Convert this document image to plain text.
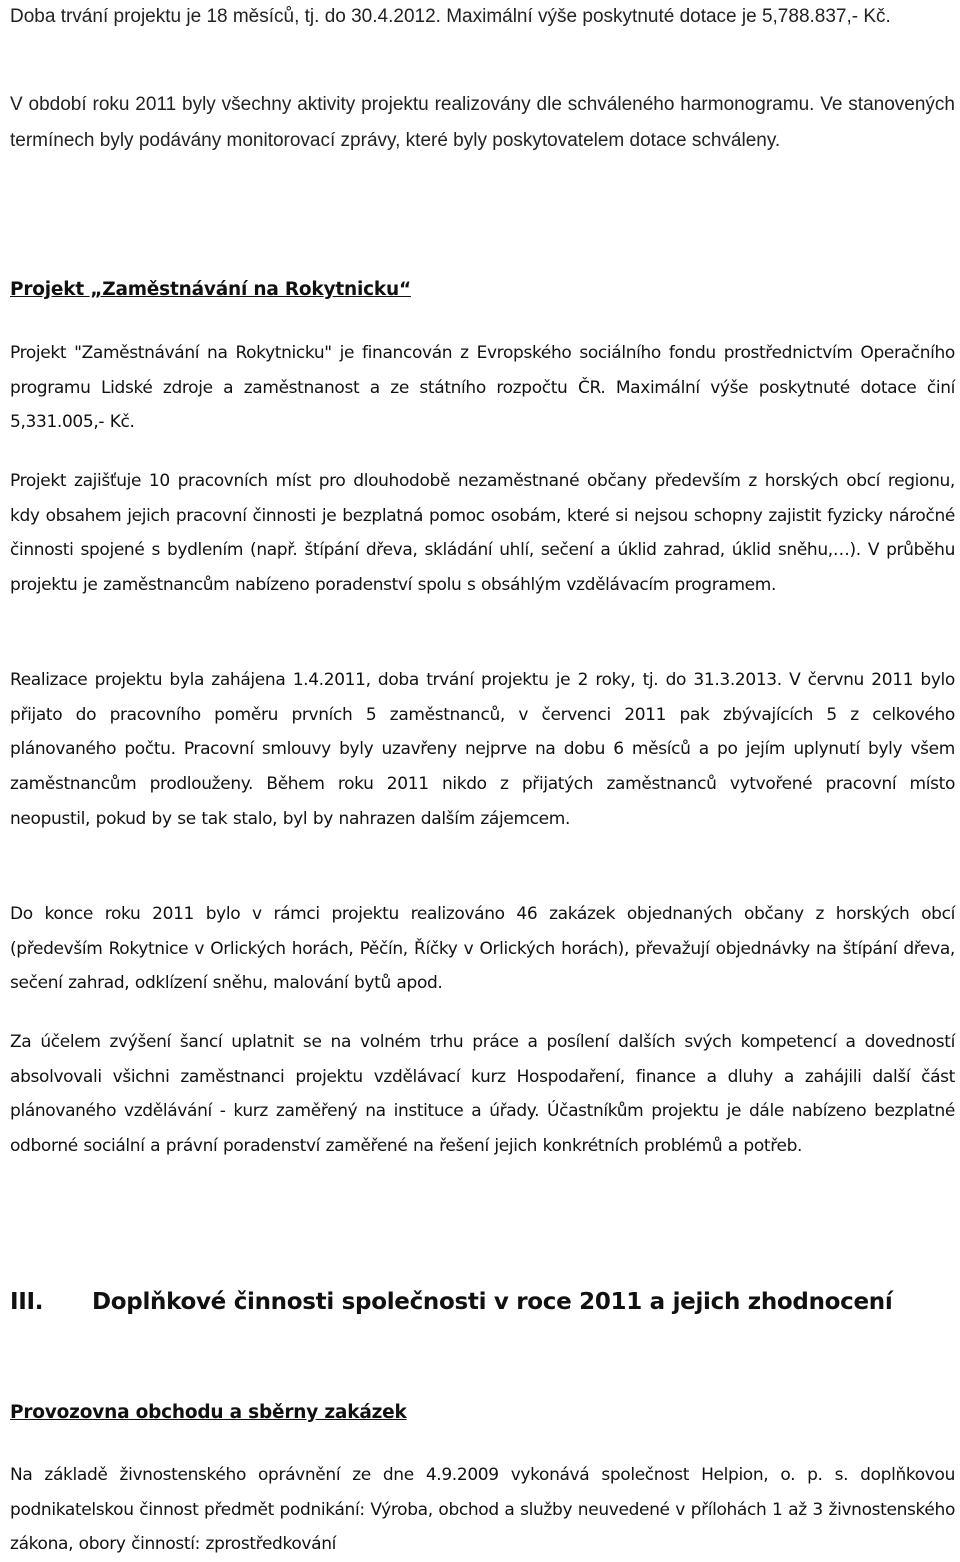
Doba trvání projektu je 18 měsíců, tj. do 30.4.2012. Maximální výše poskytnuté dotace je 5,788.837,- Kč.

V období roku 2011 byly všechny aktivity projektu realizovány dle schváleného harmonogramu. Ve stanovených termínech byly podávány monitorovací zprávy, které byly poskytovatelem dotace schváleny.

Projekt „Zaměstnávání na Rokytnicku“

Projekt "Zaměstnávání na Rokytnicku" je financován z Evropského sociálního fondu prostřednictvím Operačního programu Lidské zdroje a zaměstnanost a ze státního rozpočtu ČR. Maximální výše poskytnuté dotace činí 5,331.005,- Kč.

Projekt zajišťuje 10 pracovních míst pro dlouhodobě nezaměstnané občany především z horských obcí regionu, kdy obsahem jejich pracovní činnosti je bezplatná pomoc osobám, které si nejsou schopny zajistit fyzicky náročné činnosti spojené s bydlením (např. štípání dřeva, skládání uhlí, sečení a úklid zahrad, úklid sněhu,…). V průběhu projektu je zaměstnancům nabízeno poradenství spolu s obsáhlým vzdělávacím programem.

Realizace projektu byla zahájena 1.4.2011, doba trvání projektu je 2 roky, tj. do 31.3.2013. V červnu 2011 bylo přijato do pracovního poměru prvních 5 zaměstnanců, v červenci 2011 pak zbývajících 5 z celkového plánovaného počtu. Pracovní smlouvy byly uzavřeny nejprve na dobu 6 měsíců a po jejím uplynutí byly všem zaměstnancům prodlouženy. Během roku 2011 nikdo z přijatých zaměstnanců vytvořené pracovní místo neopustil, pokud by se tak stalo, byl by nahrazen dalším zájemcem.

Do konce roku 2011 bylo v rámci projektu realizováno 46 zakázek objednaných občany z horských obcí (především Rokytnice v Orlických horách, Pěčín, Říčky v Orlických horách), převažují objednávky na štípání dřeva, sečení zahrad, odklízení sněhu, malování bytů apod.

Za účelem zvýšení šancí uplatnit se na volném trhu práce a posílení dalších svých kompetencí a dovedností absolvovali všichni zaměstnanci projektu vzdělávací kurz Hospodaření, finance a dluhy a zahájili další část plánovaného vzdělávání - kurz zaměřený na instituce a úřady. Účastníkům projektu je dále nabízeno bezplatné odborné sociální a právní poradenství zaměřené na řešení jejich konkrétních problémů a potřeb.

III.	Doplňkové činnosti společnosti v roce 2011 a jejich zhodnocení
Provozovna obchodu a sběrny zakázek

Na základě živnostenského oprávnění ze dne 4.9.2009 vykonává společnost Helpion, o. p. s. doplňkovou podnikatelskou činnost předmět podnikání: Výroba, obchod a služby neuvedené v přílohách 1 až 3 živnostenského zákona, obory činností: zprostředkování
